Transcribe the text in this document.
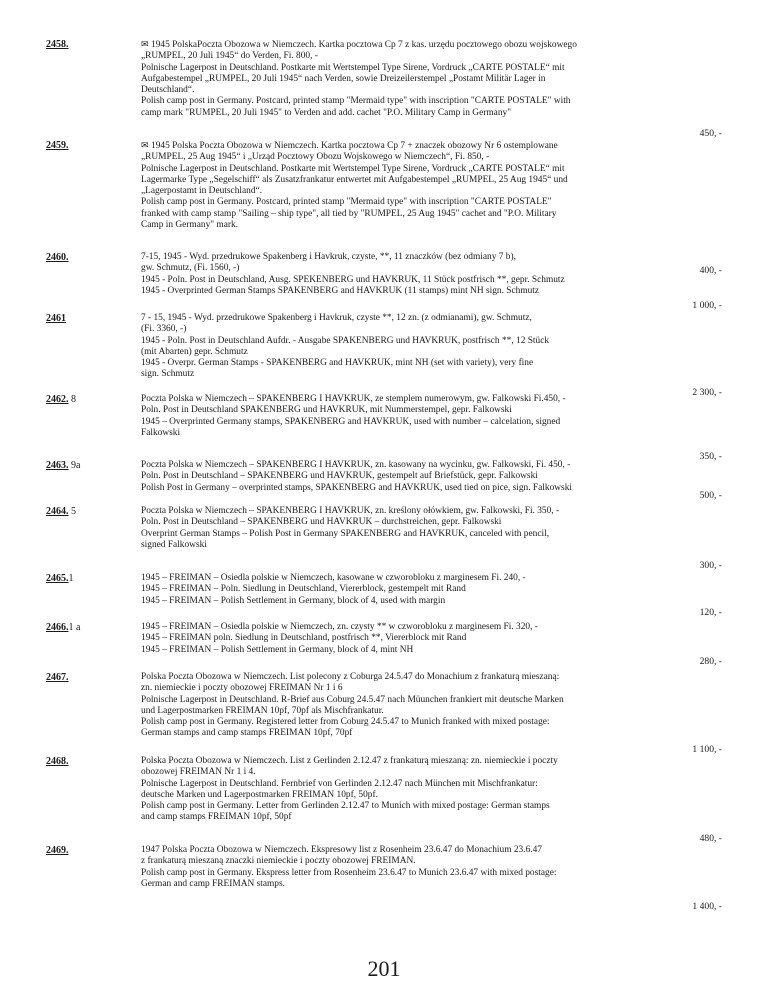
2458.	✉ 1945 PolskaPoczta Obozowa w Niemczech. Kartka pocztowa Cp 7 z kas. urzędu pocztowego obozu wojskowego
„RÜMPEL, 20 Juli 1945“ do Verden, Fi. 800, -
Polnische Lagerpost in Deutschland. Postkarte mit Wertstempel Type Sirene, Vordruck „CARTE POSTALE“ mit
Aufgabestempel „RÜMPEL, 20 Juli 1945“ nach Verden, sowie Dreizeilerstempel „Postamt Militär Lager in
Deutschland“.
Polish camp post in Germany. Postcard, printed stamp "Mermaid type" with inscription "CARTE POSTALE" with
camp mark "RÜMPEL, 20 Juli 1945" to Verden and add. cachet "P.O. Military Camp in Germany"
450, -
2459.	✉ 1945 Polska Poczta Obozowa w Niemczech. Kartka pocztowa Cp 7 + znaczek obozowy Nr 6 ostemplowane
„RÜMPEL, 25 Aug 1945“ i „Urząd Pocztowy Obozu Wojskowego w Niemczech“, Fi. 850, -
Polnische Lagerpost in Deutschland. Postkarte mit Wertstempel Type Sirene, Vordruck „CARTE POSTALE“ mit
Lagermarke Type „Segelschiff“ als Zusatzfrankatur entwertet mit Aufgabestempel „RÜMPEL, 25 Aug 1945“ und
„Lagerpostamt in Deutschland“.
Polish camp post in Germany. Postcard, printed stamp "Mermaid type" with inscription "CARTE POSTALE"
franked with camp stamp "Sailing – ship type", all tied by "RÜMPEL, 25 Aug 1945" cachet and "P.O. Military
Camp in Germany" mark.
400, -
2460.	7-15, 1945 - Wyd. przedrukowe Spakenberg i Havkruk, czyste, **, 11 znaczków (bez odmiany 7 b),
gw. Schmutz, (Fi. 1560, -)
1945 - Poln. Post in Deutschland, Ausg. SPEKENBERG und HAVKRUK, 11 Stück postfrisch **, gepr. Schmutz
1945 - Overprinted German Stamps SPAKENBERG and HAVKRUK (11 stamps) mint NH sign. Schmutz
1 000, -
2461	7 - 15, 1945 - Wyd. przedrukowe Spakenberg i Havkruk, czyste **, 12 zn. (z odmianami), gw. Schmutz,
(Fi. 3360, -)
1945 - Poln. Post in Deutschland Aufdr. - Ausgabe SPAKENBERG und HAVKRUK, postfrisch **, 12 Stück
(mit Abarten) gepr. Schmutz
1945 - Overpr. German Stamps - SPAKENBERG and HAVKRUK, mint NH (set with variety), very fine
sign. Schmutz
2 300, -
2462. 8	Poczta Polska w Niemczech – SPAKENBERG I HAVKRUK, ze stemplem numerowym, gw. Falkowski Fi.450, -
Poln. Post in Deutschland SPAKENBERG und HAVKRUK, mit Nummerstempel, gepr. Falkowski
1945 – Overprinted Germany stamps, SPAKENBERG and HAVKRUK, used with number – calcelation, signed
Falkowski
350, -
2463. 9a	Poczta Polska w Niemczech – SPAKENBERG I HAVKRUK, zn. kasowany na wycinku, gw. Falkowski, Fi. 450, -
Poln. Post in Deutschland – SPAKENBERG und HAVKRUK, gestempelt auf Briefstück, gepr. Falkowski
Polish Post in Germany – overprinted stamps, SPAKENBERG and HAVKRUK, used tied on pice, sign. Falkowski
500, -
2464. 5	Poczta Polska w Niemczech – SPAKENBERG I HAVKRUK, zn. kreślony ołówkiem, gw. Falkowski, Fi. 350, -
Poln. Post in Deutschland – SPAKENBERG und HAVKRUK – durchstreichen, gepr. Falkowski
Overprint German Stamps – Polish Post in Germany SPAKENBERG and HAVKRUK, canceled with pencil,
signed Falkowski
300, -
2465.1	1945 – FREIMAN – Osiedla polskie w Niemczech, kasowane w czworobloku z marginesem Fi. 240, -
1945 – FREIMAN – Poln. Siedlung in Deutschland, Viererblock, gestempelt mit Rand
1945 – FREIMAN – Polish Settlement in Germany, block of 4, used with margin
120, -
2466.1 a	1945 – FREIMAN – Osiedla polskie w Niemczech, zn. czysty ** w czworobloku z marginesem Fi. 320, -
1945 – FREIMAN poln. Siedlung in Deutschland, postfrisch **, Viererblock mit Rand
1945 – FREIMAN – Polish Settlement in Germany, block of 4, mint NH
280, -
2467.	Polska Poczta Obozowa w Niemczech. List polecony z Coburga 24.5.47 do Monachium z frankaturą mieszaną:
zn. niemieckie i poczty obozowej FREIMAN Nr 1 i 6
Polnische Lagerpost in Deutschland. R-Brief aus Coburg 24.5.47 nach Müunchen frankiert mit deutsche Marken
und Lagerpostmarken FREIMAN 10pf, 70pf als Mischfrankatur.
Polish camp post in Germany. Registered letter from Coburg 24.5.47 to Munich franked with mixed postage:
German stamps and camp stamps FREIMAN 10pf, 70pf
1 100, -
2468.	Polska Poczta Obozowa w Niemczech. List z Gerlinden 2.12.47 z frankaturą mieszaną: zn. niemieckie i poczty
obozowej FREIMAN Nr 1 i 4.
Polnische Lagerpost in Deutschland. Fernbrief von Gerlinden 2.12.47 nach München mit Mischfrankatur:
deutsche Marken und Lagerpostmarken FREIMAN 10pf, 50pf.
Polish camp post in Germany. Letter from Gerlinden 2.12.47 to Munich with mixed postage: German stamps
and camp stamps FREIMAN 10pf, 50pf
480, -
2469.	1947 Polska Poczta Obozowa w Niemczech. Ekspresowy list z Rosenheim 23.6.47 do Monachium 23.6.47
z frankaturą mieszaną znaczki niemieckie i poczty obozowej FREIMAN.
Polish camp post in Germany. Ekspress letter from Rosenheim 23.6.47 to Munich 23.6.47 with mixed postage:
German and camp FREIMAN stamps.
1 400, -
201
